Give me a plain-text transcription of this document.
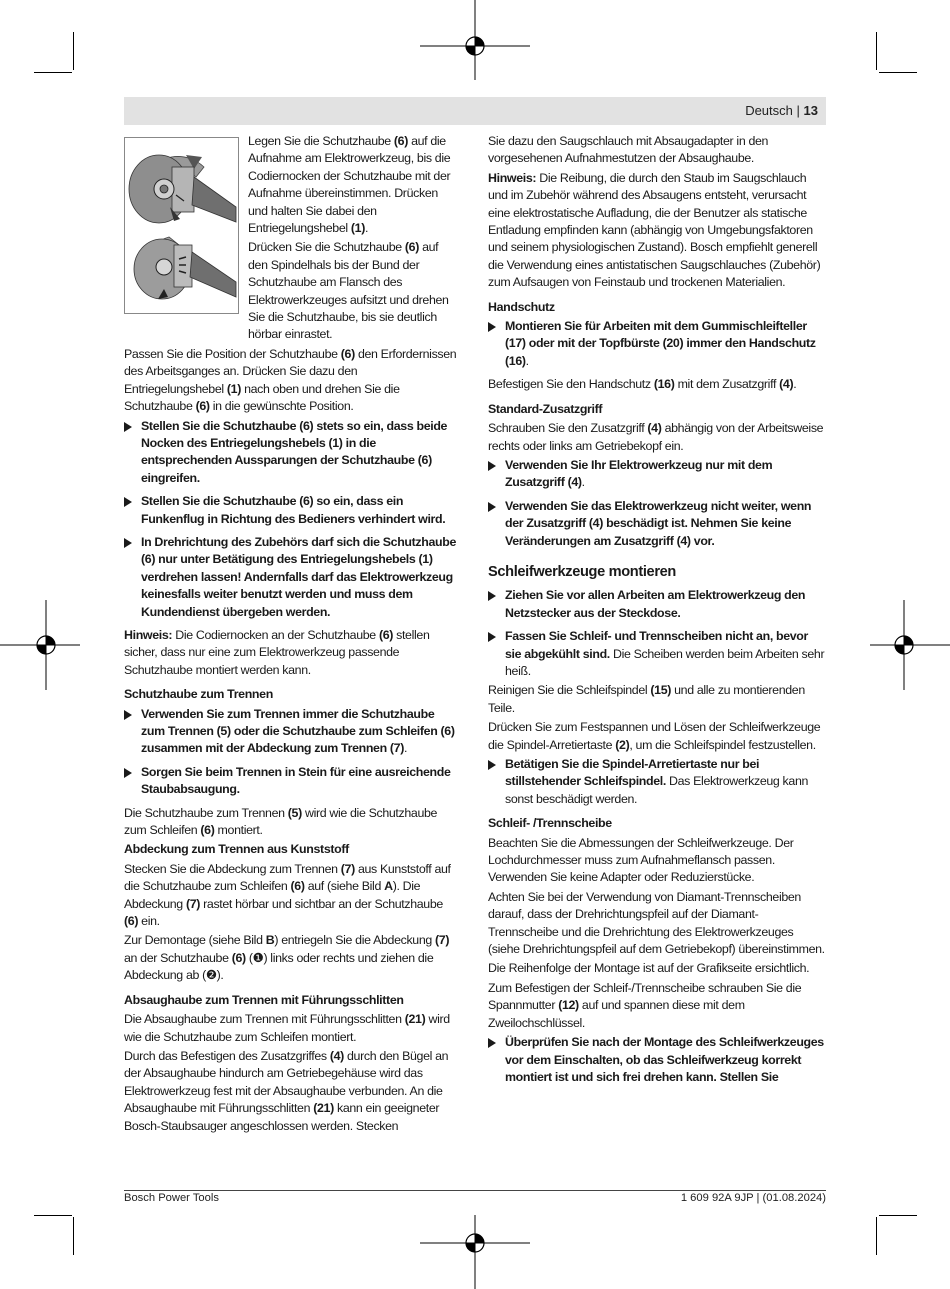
Deutsch | 13

Legen Sie die Schutzhaube (6) auf die Aufnahme am Elektrowerkzeug, bis die Codiernocken der Schutzhaube mit der Aufnahme übereinstimmen. Drücken und halten Sie dabei den Entriegelungshebel (1).

Drücken Sie die Schutzhaube (6) auf den Spindelhals bis der Bund der Schutzhaube am Flansch des Elektrowerkzeuges aufsitzt und drehen Sie die Schutzhaube, bis sie deutlich hörbar einrastet.

Passen Sie die Position der Schutzhaube (6) den Erfordernissen des Arbeitsganges an. Drücken Sie dazu den Entriegelungshebel (1) nach oben und drehen Sie die Schutzhaube (6) in die gewünschte Position.

Stellen Sie die Schutzhaube (6) stets so ein, dass beide Nocken des Entriegelungshebels (1) in die entsprechenden Aussparungen der Schutzhaube (6) eingreifen.
Stellen Sie die Schutzhaube (6) so ein, dass ein Funkenflug in Richtung des Bedieners verhindert wird.
In Drehrichtung des Zubehörs darf sich die Schutzhaube (6) nur unter Betätigung des Entriegelungshebels (1) verdrehen lassen! Andernfalls darf das Elektrowerkzeug keinesfalls weiter benutzt werden und muss dem Kundendienst übergeben werden.

Hinweis: Die Codiernocken an der Schutzhaube (6) stellen sicher, dass nur eine zum Elektrowerkzeug passende Schutzhaube montiert werden kann.

Schutzhaube zum Trennen
Verwenden Sie zum Trennen immer die Schutzhaube zum Trennen (5) oder die Schutzhaube zum Schleifen (6) zusammen mit der Abdeckung zum Trennen (7).
Sorgen Sie beim Trennen in Stein für eine ausreichende Staubabsaugung.

Die Schutzhaube zum Trennen (5) wird wie die Schutzhaube zum Schleifen (6) montiert.

Abdeckung zum Trennen aus Kunststoff

Stecken Sie die Abdeckung zum Trennen (7) aus Kunststoff auf die Schutzhaube zum Schleifen (6) auf (siehe Bild A). Die Abdeckung (7) rastet hörbar und sichtbar an der Schutzhaube (6) ein.

Zur Demontage (siehe Bild B) entriegeln Sie die Abdeckung (7) an der Schutzhaube (6) (❶) links oder rechts und ziehen die Abdeckung ab (❷).

Absaughaube zum Trennen mit Führungsschlitten

Die Absaughaube zum Trennen mit Führungsschlitten (21) wird wie die Schutzhaube zum Schleifen montiert.

Durch das Befestigen des Zusatzgriffes (4) durch den Bügel an der Absaughaube hindurch am Getriebegehäuse wird das Elektrowerkzeug fest mit der Absaughaube verbunden. An die Absaughaube mit Führungsschlitten (21) kann ein geeigneter Bosch-Staubsauger angeschlossen werden. Stecken

Sie dazu den Saugschlauch mit Absaugadapter in den vorgesehenen Aufnahmestutzen der Absaughaube.

Hinweis: Die Reibung, die durch den Staub im Saugschlauch und im Zubehör während des Absaugens entsteht, verursacht eine elektrostatische Aufladung, die der Benutzer als statische Entladung empfinden kann (abhängig von Umgebungsfaktoren und seinem physiologischen Zustand). Bosch empfiehlt generell die Verwendung eines antistatischen Saugschlauches (Zubehör) zum Aufsaugen von Feinstaub und trockenen Materialien.

Handschutz
Montieren Sie für Arbeiten mit dem Gummischleifteller (17) oder mit der Topfbürste (20) immer den Handschutz (16).

Befestigen Sie den Handschutz (16) mit dem Zusatzgriff (4).

Standard-Zusatzgriff

Schrauben Sie den Zusatzgriff (4) abhängig von der Arbeitsweise rechts oder links am Getriebekopf ein.

Verwenden Sie Ihr Elektrowerkzeug nur mit dem Zusatzgriff (4).
Verwenden Sie das Elektrowerkzeug nicht weiter, wenn der Zusatzgriff (4) beschädigt ist. Nehmen Sie keine Veränderungen am Zusatzgriff (4) vor.
Schleifwerkzeuge montieren
Ziehen Sie vor allen Arbeiten am Elektrowerkzeug den Netzstecker aus der Steckdose.
Fassen Sie Schleif- und Trennscheiben nicht an, bevor sie abgekühlt sind. Die Scheiben werden beim Arbeiten sehr heiß.

Reinigen Sie die Schleifspindel (15) und alle zu montierenden Teile.

Drücken Sie zum Festspannen und Lösen der Schleifwerkzeuge die Spindel-Arretiertaste (2), um die Schleifspindel festzustellen.

Betätigen Sie die Spindel-Arretiertaste nur bei stillstehender Schleifspindel. Das Elektrowerkzeug kann sonst beschädigt werden.
Schleif- /Trennscheibe

Beachten Sie die Abmessungen der Schleifwerkzeuge. Der Lochdurchmesser muss zum Aufnahmeflansch passen. Verwenden Sie keine Adapter oder Reduzierstücke.

Achten Sie bei der Verwendung von Diamant-Trennscheiben darauf, dass der Drehrichtungspfeil auf der Diamant-Trennscheibe und die Drehrichtung des Elektrowerkzeuges (siehe Drehrichtungspfeil auf dem Getriebekopf) übereinstimmen.

Die Reihenfolge der Montage ist auf der Grafikseite ersichtlich.

Zum Befestigen der Schleif-/Trennscheibe schrauben Sie die Spannmutter (12) auf und spannen diese mit dem Zweilochschlüssel.

Überprüfen Sie nach der Montage des Schleifwerkzeuges vor dem Einschalten, ob das Schleifwerkzeug korrekt montiert ist und sich frei drehen kann. Stellen Sie
Bosch Power Tools	1 609 92A 9JP | (01.08.2024)
